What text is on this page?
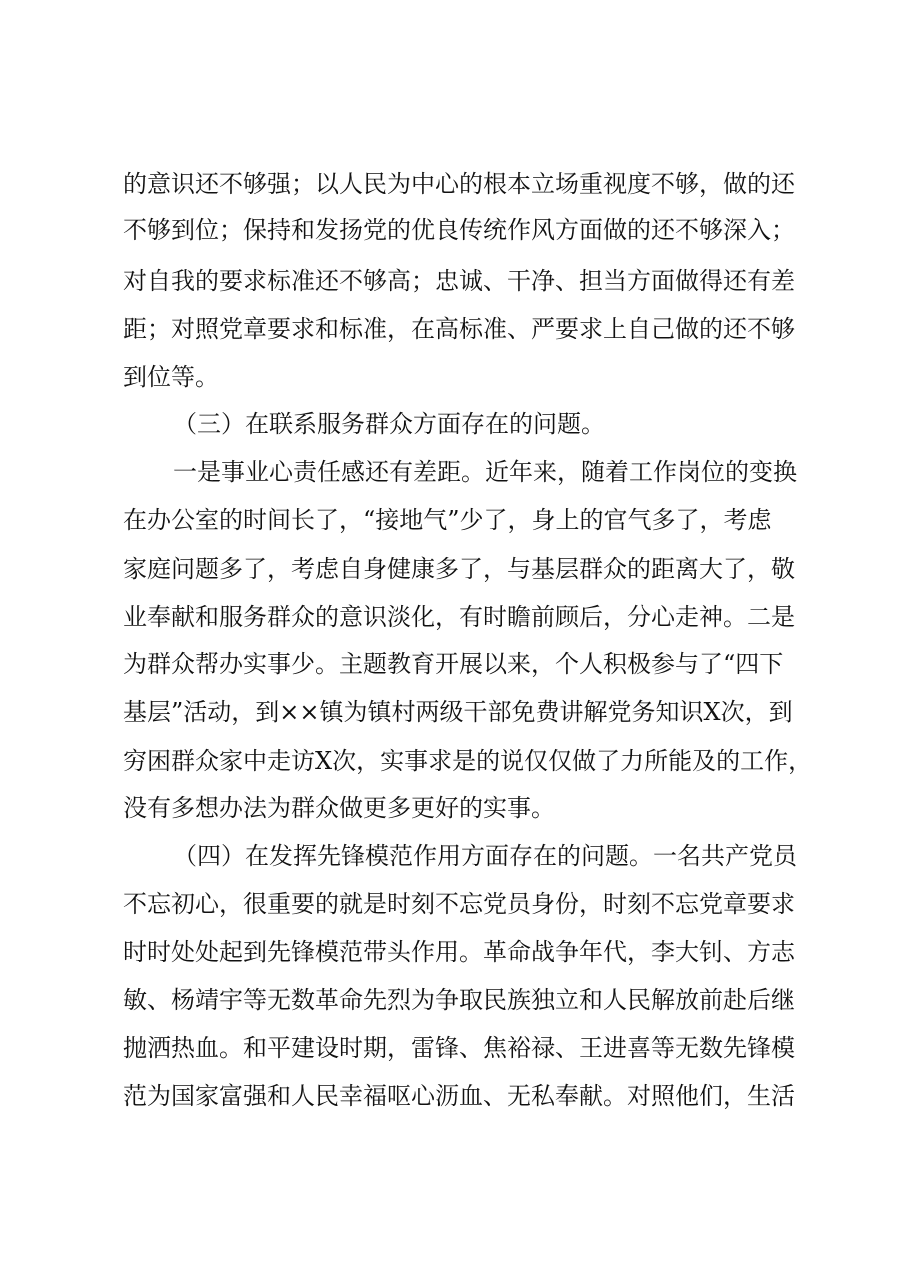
的意识还不够强；以人民为中心的根本立场重视度不够，做的还
不够到位；保持和发扬党的优良传统作风方面做的还不够深入；
对自我的要求标准还不够高；忠诚、干净、担当方面做得还有差
距；对照党章要求和标准，在高标准、严要求上自己做的还不够
到位等。
（三）在联系服务群众方面存在的问题。
一是事业心责任感还有差距。近年来，随着工作岗位的变换
在办公室的时间长了，“接地气”少了，身上的官气多了，考虑
家庭问题多了，考虑自身健康多了，与基层群众的距离大了，敬
业奉献和服务群众的意识淡化，有时瞻前顾后，分心走神。二是
为群众帮办实事少。主题教育开展以来，个人积极参与了“四下
基层”活动，到××镇为镇村两级干部免费讲解党务知识X次，到
穷困群众家中走访X次，实事求是的说仅仅做了力所能及的工作，
没有多想办法为群众做更多更好的实事。
（四）在发挥先锋模范作用方面存在的问题。一名共产党员
不忘初心，很重要的就是时刻不忘党员身份，时刻不忘党章要求
时时处处起到先锋模范带头作用。革命战争年代，李大钊、方志
敏、杨靖宇等无数革命先烈为争取民族独立和人民解放前赴后继
抛洒热血。和平建设时期，雷锋、焦裕禄、王进喜等无数先锋模
范为国家富强和人民幸福呕心沥血、无私奉献。对照他们，生活
